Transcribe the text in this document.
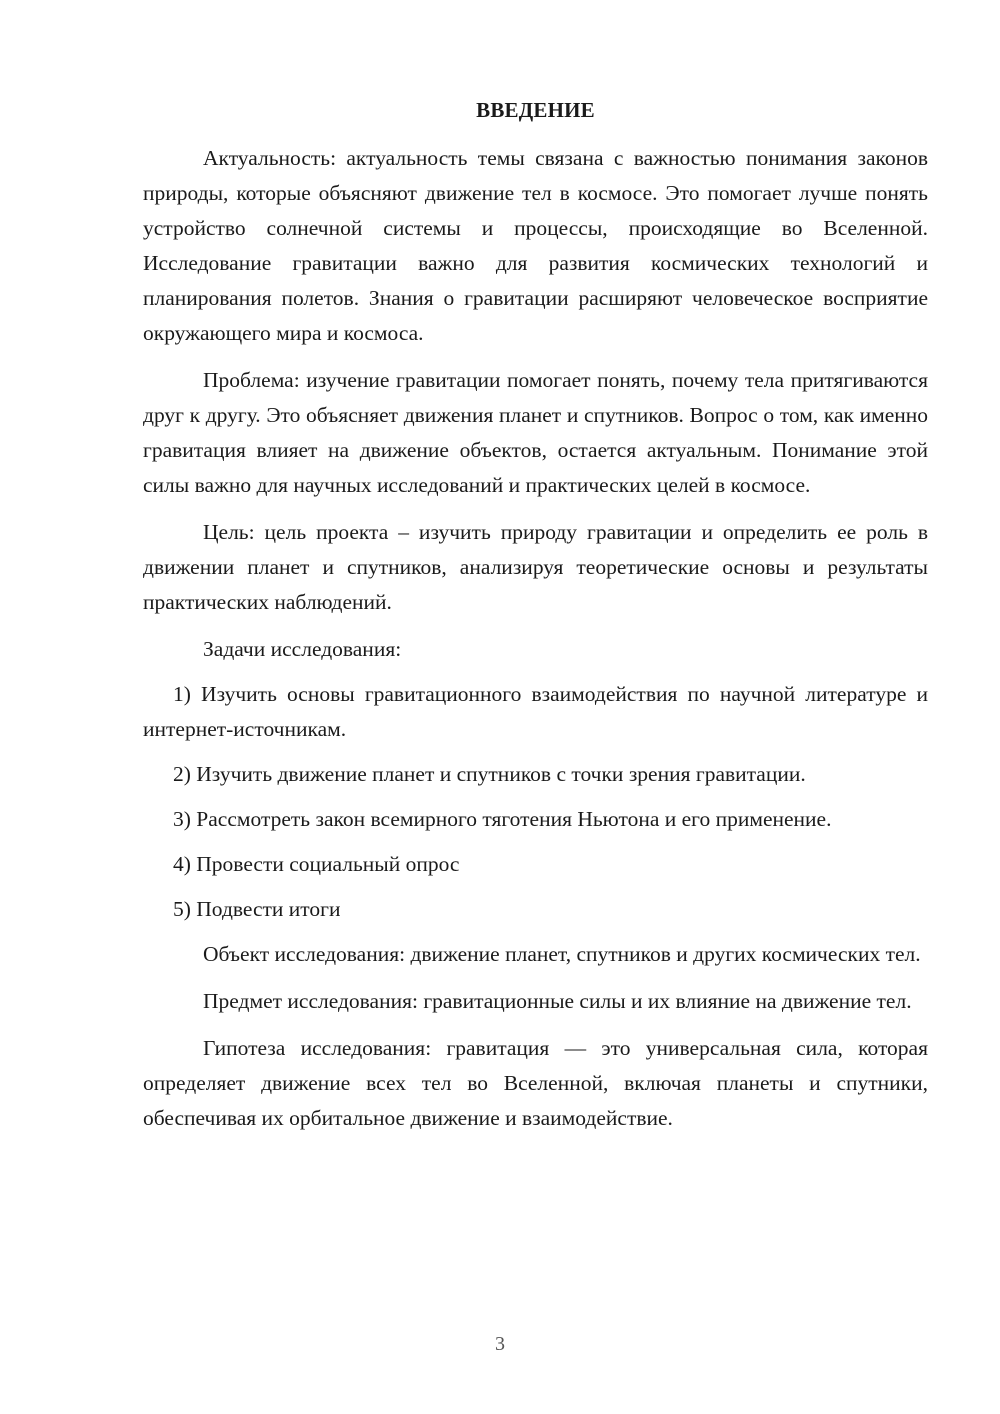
ВВЕДЕНИЕ

Актуальность: актуальность темы связана с важностью понимания законов природы, которые объясняют движение тел в космосе. Это помогает лучше понять устройство солнечной системы и процессы, происходящие во Вселенной. Исследование гравитации важно для развития космических технологий и планирования полетов. Знания о гравитации расширяют человеческое восприятие окружающего мира и космоса.

Проблема: изучение гравитации помогает понять, почему тела притягиваются друг к другу. Это объясняет движения планет и спутников. Вопрос о том, как именно гравитация влияет на движение объектов, остается актуальным. Понимание этой силы важно для научных исследований и практических целей в космосе.

Цель: цель проекта – изучить природу гравитации и определить ее роль в движении планет и спутников, анализируя теоретические основы и результаты практических наблюдений.

Задачи исследования:

1) Изучить основы гравитационного взаимодействия по научной литературе и интернет-источникам.

2) Изучить движение планет и спутников с точки зрения гравитации.

3) Рассмотреть закон всемирного тяготения Ньютона и его применение.

4) Провести социальный опрос

5) Подвести итоги

Объект исследования: движение планет, спутников и других космических тел.

Предмет исследования: гравитационные силы и их влияние на движение тел.

Гипотеза исследования: гравитация — это универсальная сила, которая определяет движение всех тел во Вселенной, включая планеты и спутники, обеспечивая их орбитальное движение и взаимодействие.

3
